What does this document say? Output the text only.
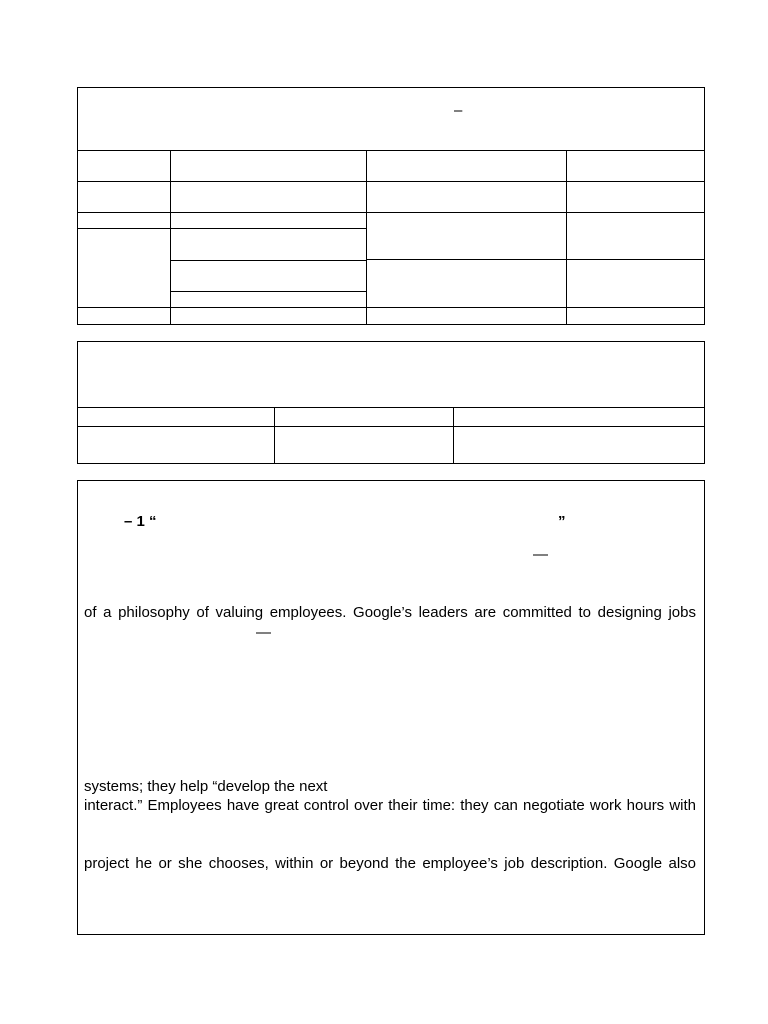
–
– 1 “	”
—
of a philosophy of valuing employees. Google’s leaders are committed to designing jobs
—
systems; they help “develop the next
interact.” Employees have great control over their time: they can negotiate work hours with
project he or she chooses, within or beyond the employee’s job description. Google also
